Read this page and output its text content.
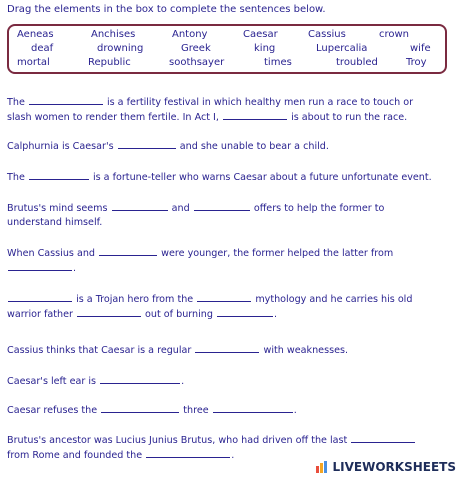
Drag the elements in the box to complete the sentences below.
Aeneas	Anchises	Antony	Caesar	Cassius	crown
deaf	drowning	Greek	king	Lupercalia	wife
mortal	Republic	soothsayer	times	troubled	Troy
The	is a fertility festival in which healthy men run a race to touch or
slash women to render them fertile. In Act I,	is about to run the race.
Calphurnia is Caesar's	and she unable to bear a child.
The	is a fortune-teller who warns Caesar about a future unfortunate event.
Brutus's mind seems	and	offers to help the former to
understand himself.
When Cassius and	were younger, the former helped the latter from
.
is a Trojan hero from the	mythology and he carries his old
warrior father	out of burning	.
Cassius thinks that Caesar is a regular	with weaknesses.
Caesar's left ear is	.
Caesar refuses the	three	.
Brutus's ancestor was Lucius Junius Brutus, who had driven off the last
from Rome and founded the	.
LIVEWORKSHEETS
